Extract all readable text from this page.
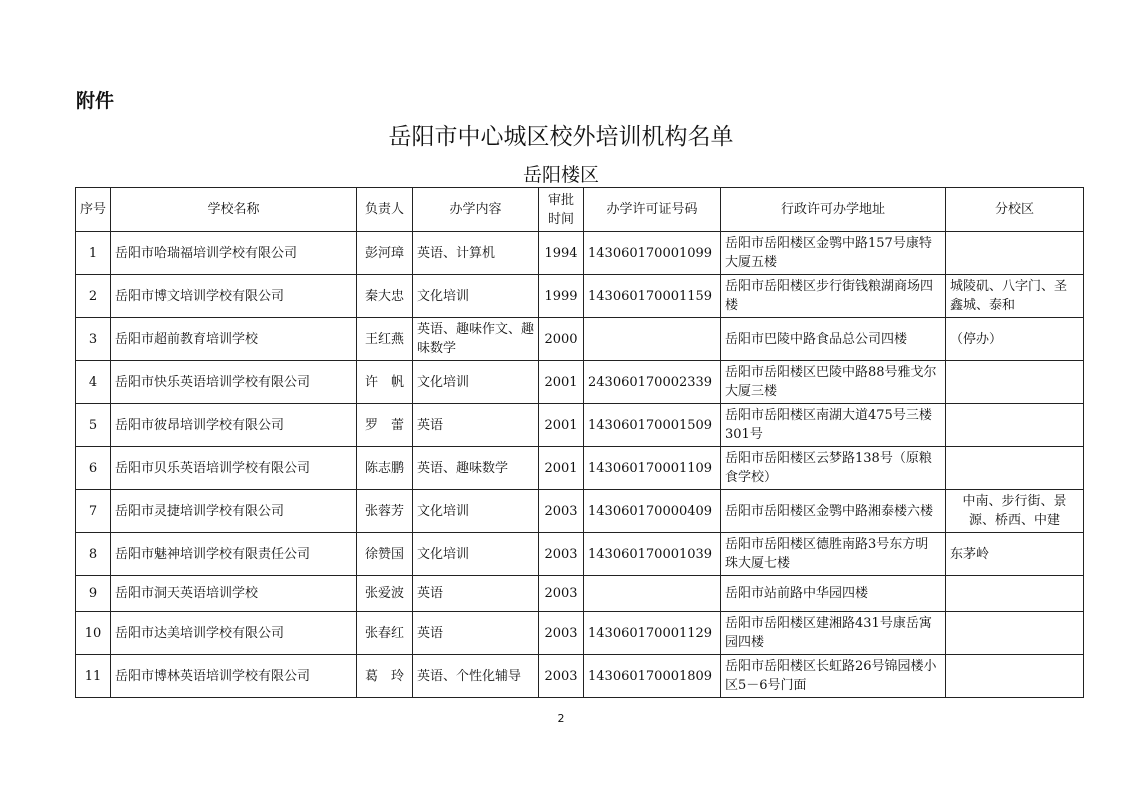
附件
岳阳市中心城区校外培训机构名单
岳阳楼区
序号	学校名称	负责人	办学内容	审批时间	办学许可证号码	行政许可办学地址	分校区
1	岳阳市哈瑞福培训学校有限公司	彭河璋	英语、计算机	1994	143060170001099	岳阳市岳阳楼区金鹗中路157号康特大厦五楼	
2	岳阳市博文培训学校有限公司	秦大忠	文化培训	1999	143060170001159	岳阳市岳阳楼区步行街钱粮湖商场四楼	城陵矶、八字门、圣鑫城、泰和
3	岳阳市超前教育培训学校	王红燕	英语、趣味作文、趣味数学	2000		岳阳市巴陵中路食品总公司四楼	（停办）
4	岳阳市快乐英语培训学校有限公司	许　帆	文化培训	2001	243060170002339	岳阳市岳阳楼区巴陵中路88号雅戈尔大厦三楼	
5	岳阳市彼昂培训学校有限公司	罗　蕾	英语	2001	143060170001509	岳阳市岳阳楼区南湖大道475号三楼301号	
6	岳阳市贝乐英语培训学校有限公司	陈志鹏	英语、趣味数学	2001	143060170001109	岳阳市岳阳楼区云梦路138号（原粮食学校）	
7	岳阳市灵捷培训学校有限公司	张蓉芳	文化培训	2003	143060170000409	岳阳市岳阳楼区金鹗中路湘泰楼六楼	中南、步行街、景源、桥西、中建
8	岳阳市魅神培训学校有限责任公司	徐赞国	文化培训	2003	143060170001039	岳阳市岳阳楼区德胜南路3号东方明珠大厦七楼	东茅岭
9	岳阳市洞天英语培训学校	张爱波	英语	2003		岳阳市站前路中华园四楼	
10	岳阳市达美培训学校有限公司	张春红	英语	2003	143060170001129	岳阳市岳阳楼区建湘路431号康岳寓园四楼	
11	岳阳市博林英语培训学校有限公司	葛　玲	英语、个性化辅导	2003	143060170001809	岳阳市岳阳楼区长虹路26号锦园楼小区5－6号门面	
2
